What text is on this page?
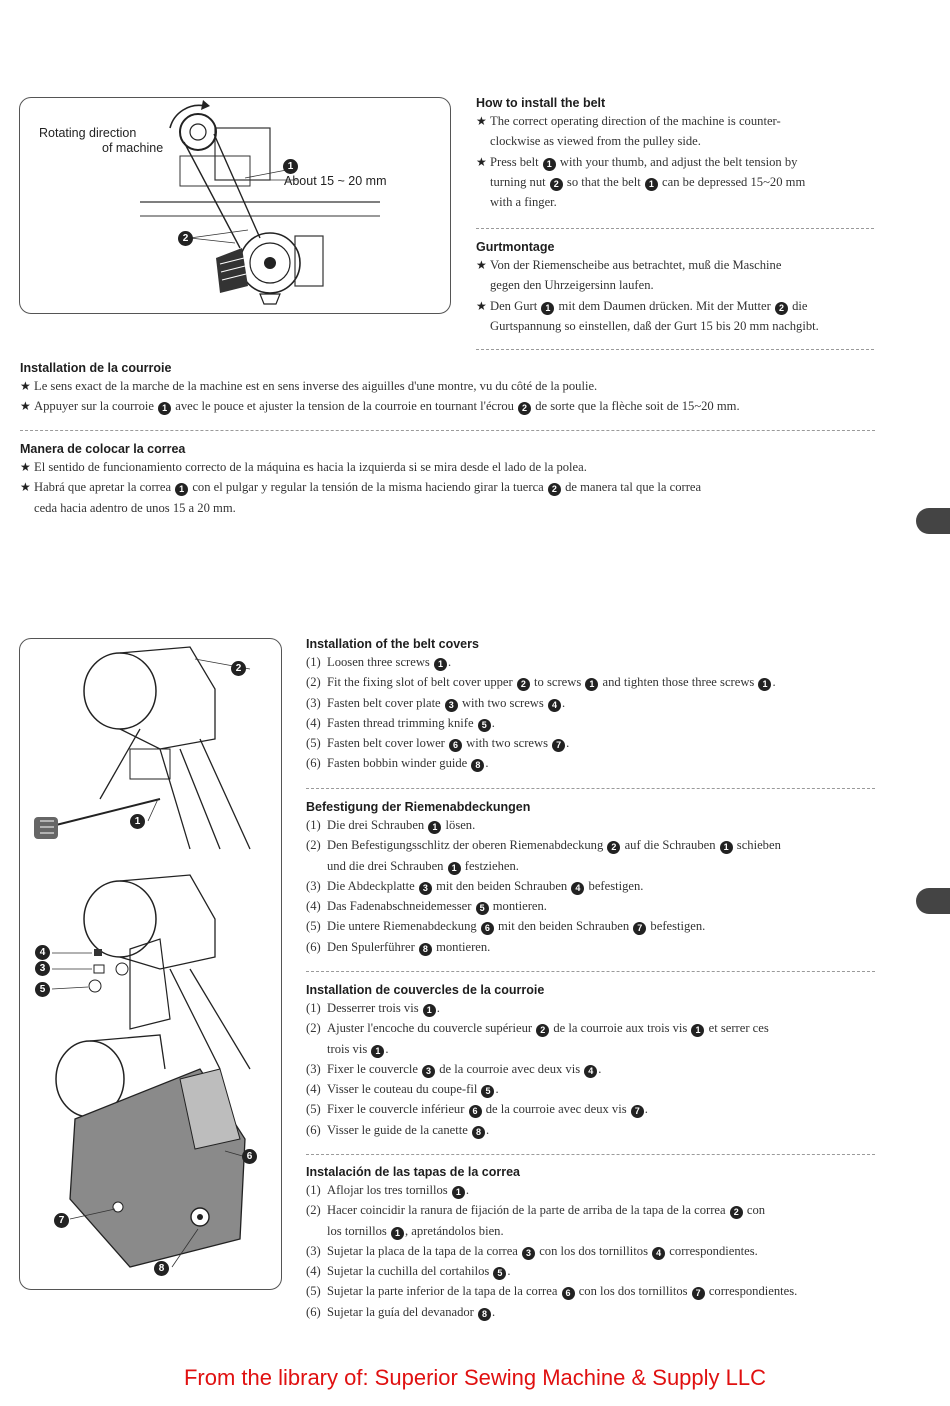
Rotating direction
of machine
1
About 15 ~ 20 mm
2
How to install the belt
★ The correct operating direction of the machine is counter-
clockwise as viewed from the pulley side.
★ Press belt 1 with your thumb, and adjust the belt tension by
turning nut 2 so that the belt 1 can be depressed 15~20 mm
with a finger.
Gurtmontage
★ Von der Riemenscheibe aus betrachtet, muß die Maschine
gegen den Uhrzeigersinn laufen.
★ Den Gurt 1 mit dem Daumen drücken. Mit der Mutter 2 die
Gurtspannung so einstellen, daß der Gurt 15 bis 20 mm nachgibt.
Installation de la courroie
★ Le sens exact de la marche de la machine est en sens inverse des aiguilles d'une montre, vu du côté de la poulie.
★ Appuyer sur la courroie 1 avec le pouce et ajuster la tension de la courroie en tournant l'écrou 2 de sorte que la flèche soit de 15~20 mm.
Manera de colocar la correa
★ El sentido de funcionamiento correcto de la máquina es hacia la izquierda si se mira desde el lado de la polea.
★ Habrá que apretar la correa 1 con el pulgar y regular la tensión de la misma haciendo girar la tuerca 2 de manera tal que la correa
ceda hacia adentro de unos 15 a 20 mm.
2
1
4
3
5
6
7
8
Installation of the belt covers
(1) Loosen three screws 1 .
(2) Fit the fixing slot of belt cover upper 2 to screws 1 and tighten those three screws 1 .
(3) Fasten belt cover plate 3 with two screws 4 .
(4) Fasten thread trimming knife 5 .
(5) Fasten belt cover lower 6 with two screws 7 .
(6) Fasten bobbin winder guide 8 .
Befestigung der Riemenabdeckungen
(1) Die drei Schrauben 1 lösen.
(2) Den Befestigungsschlitz der oberen Riemenabdeckung 2 auf die Schrauben 1 schieben
und die drei Schrauben 1 festziehen.
(3) Die Abdeckplatte 3 mit den beiden Schrauben 4 befestigen.
(4) Das Fadenabschneidemesser 5 montieren.
(5) Die untere Riemenabdeckung 6 mit den beiden Schrauben 7 befestigen.
(6) Den Spulerführer 8 montieren.
Installation de couvercles de la courroie
(1) Desserrer trois vis 1 .
(2) Ajuster l'encoche du couvercle supérieur 2 de la courroie aux trois vis 1 et serrer ces
trois vis 1 .
(3) Fixer le couvercle 3 de la courroie avec deux vis 4 .
(4) Visser le couteau du coupe-fil 5 .
(5) Fixer le couvercle inférieur 6 de la courroie avec deux vis 7 .
(6) Visser le guide de la canette 8 .
Instalación de las tapas de la correa
(1) Aflojar los tres tornillos 1 .
(2) Hacer coincidir la ranura de fijación de la parte de arriba de la tapa de la correa 2 con
los tornillos 1 , apretándolos bien.
(3) Sujetar la placa de la tapa de la correa 3 con los dos tornillitos 4 correspondientes.
(4) Sujetar la cuchilla del cortahilos 5 .
(5) Sujetar la parte inferior de la tapa de la correa 6 con los dos tornillitos 7 correspondientes.
(6) Sujetar la guía del devanador 8 .
From the library of: Superior Sewing Machine & Supply LLC
